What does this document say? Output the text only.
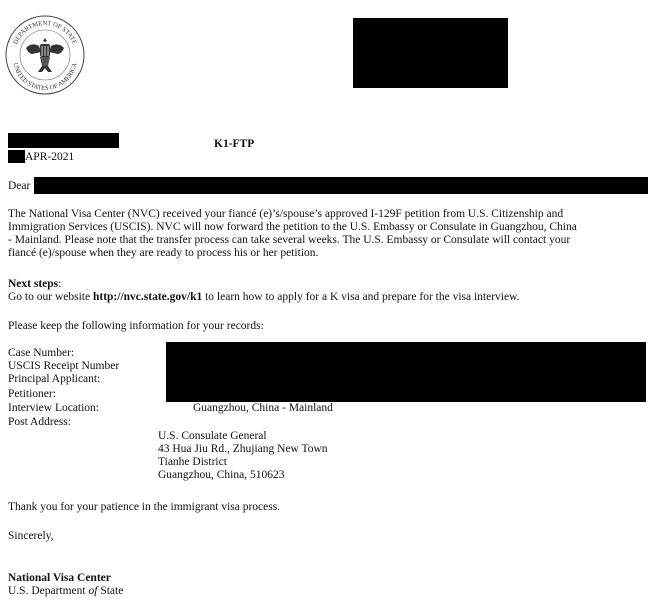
DEPARTMENT OF STATE
UNITED STATES OF AMERICA
K1-FTP
APR-2021
Dear

The National Visa Center (NVC) received your fiancé (e)’s/spouse’s approved I-129F petition from U.S. Citizenship and

Immigration Services (USCIS). NVC will now forward the petition to the U.S. Embassy or Consulate in Guangzhou, China

- Mainland. Please note that the transfer process can take several weeks. The U.S. Embassy or Consulate will contact your

fiancé (e)/spouse when they are ready to process his or her petition.

Next steps:
Go to our website http://nvc.state.gov/k1 to learn how to apply for a K visa and prepare for the visa interview.
Please keep the following information for your records:
Case Number:
USCIS Receipt Number
Principal Applicant:
Petitioner:
Interview Location:
Post Address:
Guangzhou, China - Mainland

U.S. Consulate General

43 Hua Jiu Rd., Zhujiang New Town

Tianhe District

Guangzhou, China, 510623

Thank you for your patience in the immigrant visa process.
Sincerely,
National Visa Center
U.S. Department of State
